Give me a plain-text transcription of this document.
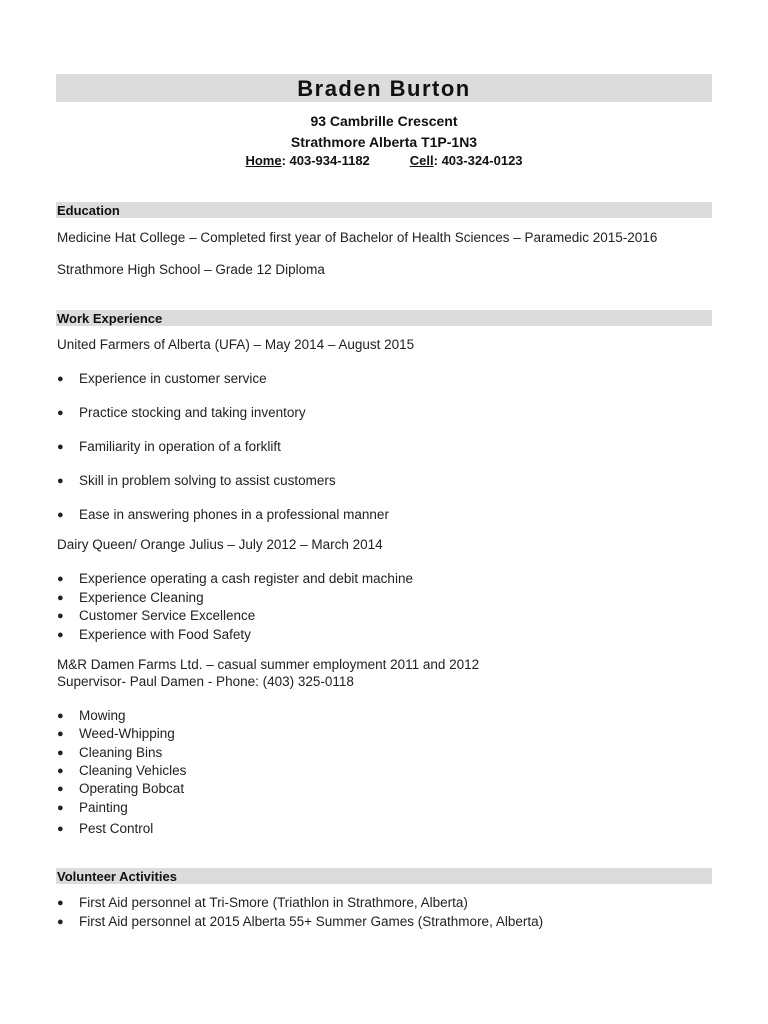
Braden Burton
93 Cambrille Crescent
Strathmore Alberta T1P-1N3
Home: 403-934-1182	Cell: 403-324-0123
Education
Medicine Hat College – Completed first year of Bachelor of Health Sciences – Paramedic 2015-2016
Strathmore High School – Grade 12 Diploma
Work Experience
United Farmers of Alberta (UFA) – May 2014 – August 2015
● Experience in customer service
● Practice stocking and taking inventory
● Familiarity in operation of a forklift
● Skill in problem solving to assist customers
● Ease in answering phones in a professional manner
Dairy Queen/ Orange Julius – July 2012 – March 2014
● Experience operating a cash register and debit machine
● Experience Cleaning
● Customer Service Excellence
● Experience with Food Safety
M&R Damen Farms Ltd. – casual summer employment 2011 and 2012
Supervisor- Paul Damen - Phone: (403) 325-0118
● Mowing
● Weed-Whipping
● Cleaning Bins
● Cleaning Vehicles
● Operating Bobcat
● Painting
● Pest Control
Volunteer Activities
● First Aid personnel at Tri-Smore (Triathlon in Strathmore, Alberta)
● First Aid personnel at 2015 Alberta 55+ Summer Games (Strathmore, Alberta)
